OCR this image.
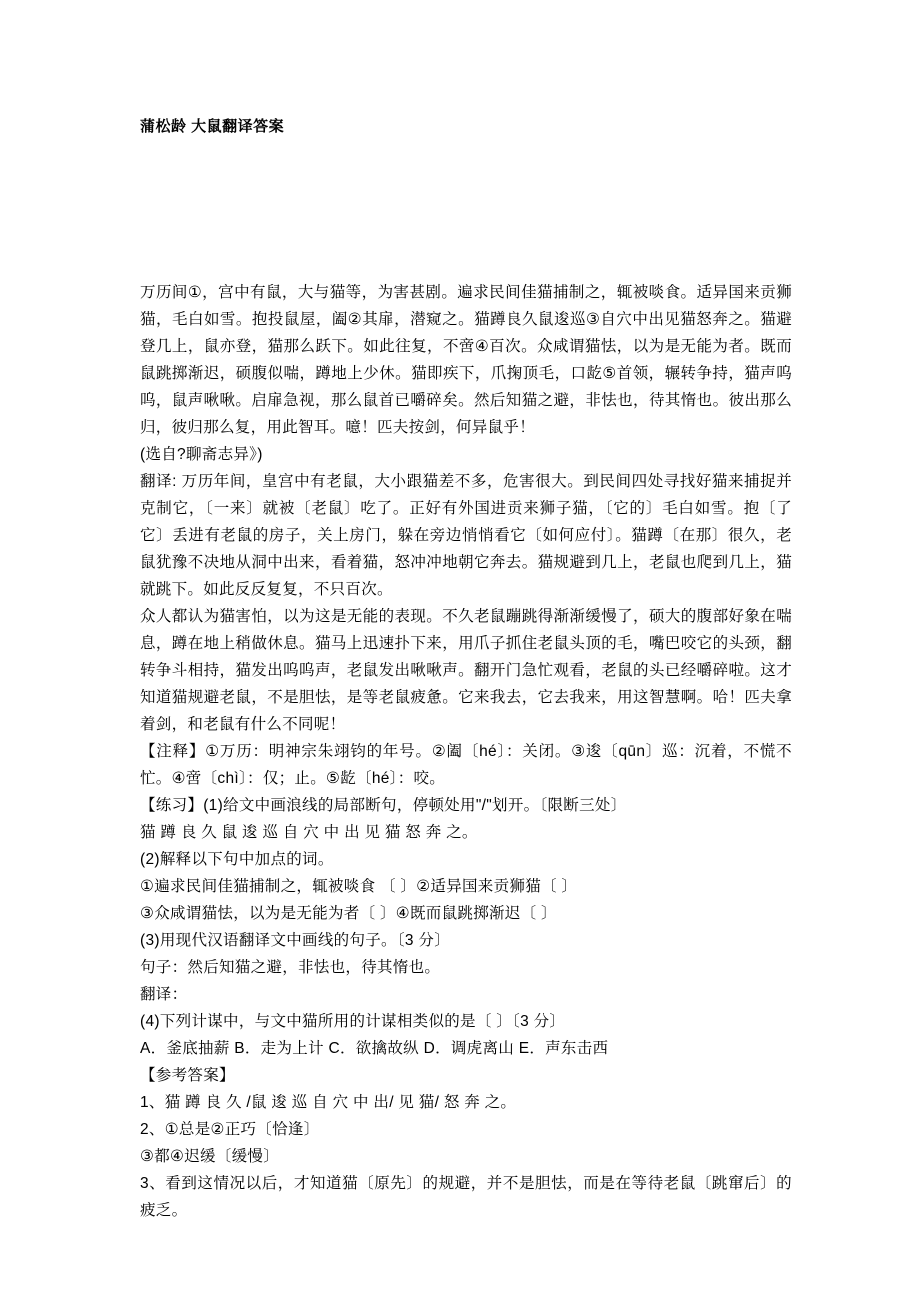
蒲松龄 大鼠翻译答案

万历间①，宫中有鼠，大与猫等，为害甚剧。遍求民间佳猫捕制之，辄被啖食。适异国来贡狮猫，毛白如雪。抱投鼠屋，阖②其扉，潜窥之。猫蹲良久鼠逡巡③自穴中出见猫怒奔之。猫避登几上，鼠亦登，猫那么跃下。如此往复，不啻④百次。众咸谓猫怯，以为是无能为者。既而鼠跳掷渐迟，硕腹似喘，蹲地上少休。猫即疾下，爪掬顶毛，口龁⑤首领，辗转争持，猫声呜呜，鼠声啾啾。启扉急视，那么鼠首已嚼碎矣。然后知猫之避，非怯也，待其惰也。彼出那么归，彼归那么复，用此智耳。噫！匹夫按剑，何异鼠乎！

(选自?聊斋志异》)

翻译: 万历年间，皇宫中有老鼠，大小跟猫差不多，危害很大。到民间四处寻找好猫来捕捉并克制它，〔一来〕就被〔老鼠〕吃了。正好有外国进贡来狮子猫，〔它的〕毛白如雪。抱〔了它〕丢进有老鼠的房子，关上房门，躲在旁边悄悄看它〔如何应付〕。猫蹲〔在那〕很久，老鼠犹豫不决地从洞中出来，看着猫，怒冲冲地朝它奔去。猫规避到几上，老鼠也爬到几上，猫就跳下。如此反反复复，不只百次。

众人都认为猫害怕，以为这是无能的表现。不久老鼠蹦跳得渐渐缓慢了，硕大的腹部好象在喘息，蹲在地上稍做休息。猫马上迅速扑下来，用爪子抓住老鼠头顶的毛，嘴巴咬它的头颈，翻转争斗相持，猫发出呜呜声，老鼠发出啾啾声。翻开门急忙观看，老鼠的头已经嚼碎啦。这才知道猫规避老鼠，不是胆怯，是等老鼠疲惫。它来我去，它去我来，用这智慧啊。哈！匹夫拿着剑，和老鼠有什么不同呢！

【注释】①万历：明神宗朱翊钧的年号。②阖〔hé〕：关闭。③逡〔qūn〕巡：沉着，不慌不忙。④啻〔chì〕：仅；止。⑤龁〔hé〕：咬。

【练习】(1)给文中画浪线的局部断句，停顿处用"/"划开。〔限断三处〕

猫 蹲 良 久 鼠 逡 巡 自 穴 中 出 见 猫 怒 奔 之。

(2)解释以下句中加点的词。

①遍求民间佳猫捕制之，辄被啖食 〔 〕②适异国来贡狮猫〔 〕

③众咸谓猫怯，以为是无能为者〔 〕④既而鼠跳掷渐迟〔 〕

(3)用现代汉语翻译文中画线的句子。〔3 分〕

句子：然后知猫之避，非怯也，待其惰也。

翻译：

(4)下列计谋中，与文中猫所用的计谋相类似的是〔 〕〔3 分〕

A．釜底抽薪 B．走为上计 C．欲擒故纵 D．调虎离山 E．声东击西

【参考答案】

1、猫 蹲 良 久 /鼠 逡 巡 自 穴 中 出/ 见 猫/ 怒 奔 之。

2、①总是②正巧〔恰逢〕

③都④迟缓〔缓慢〕

3、看到这情况以后，才知道猫〔原先〕的规避，并不是胆怯，而是在等待老鼠〔跳窜后〕的疲乏。
